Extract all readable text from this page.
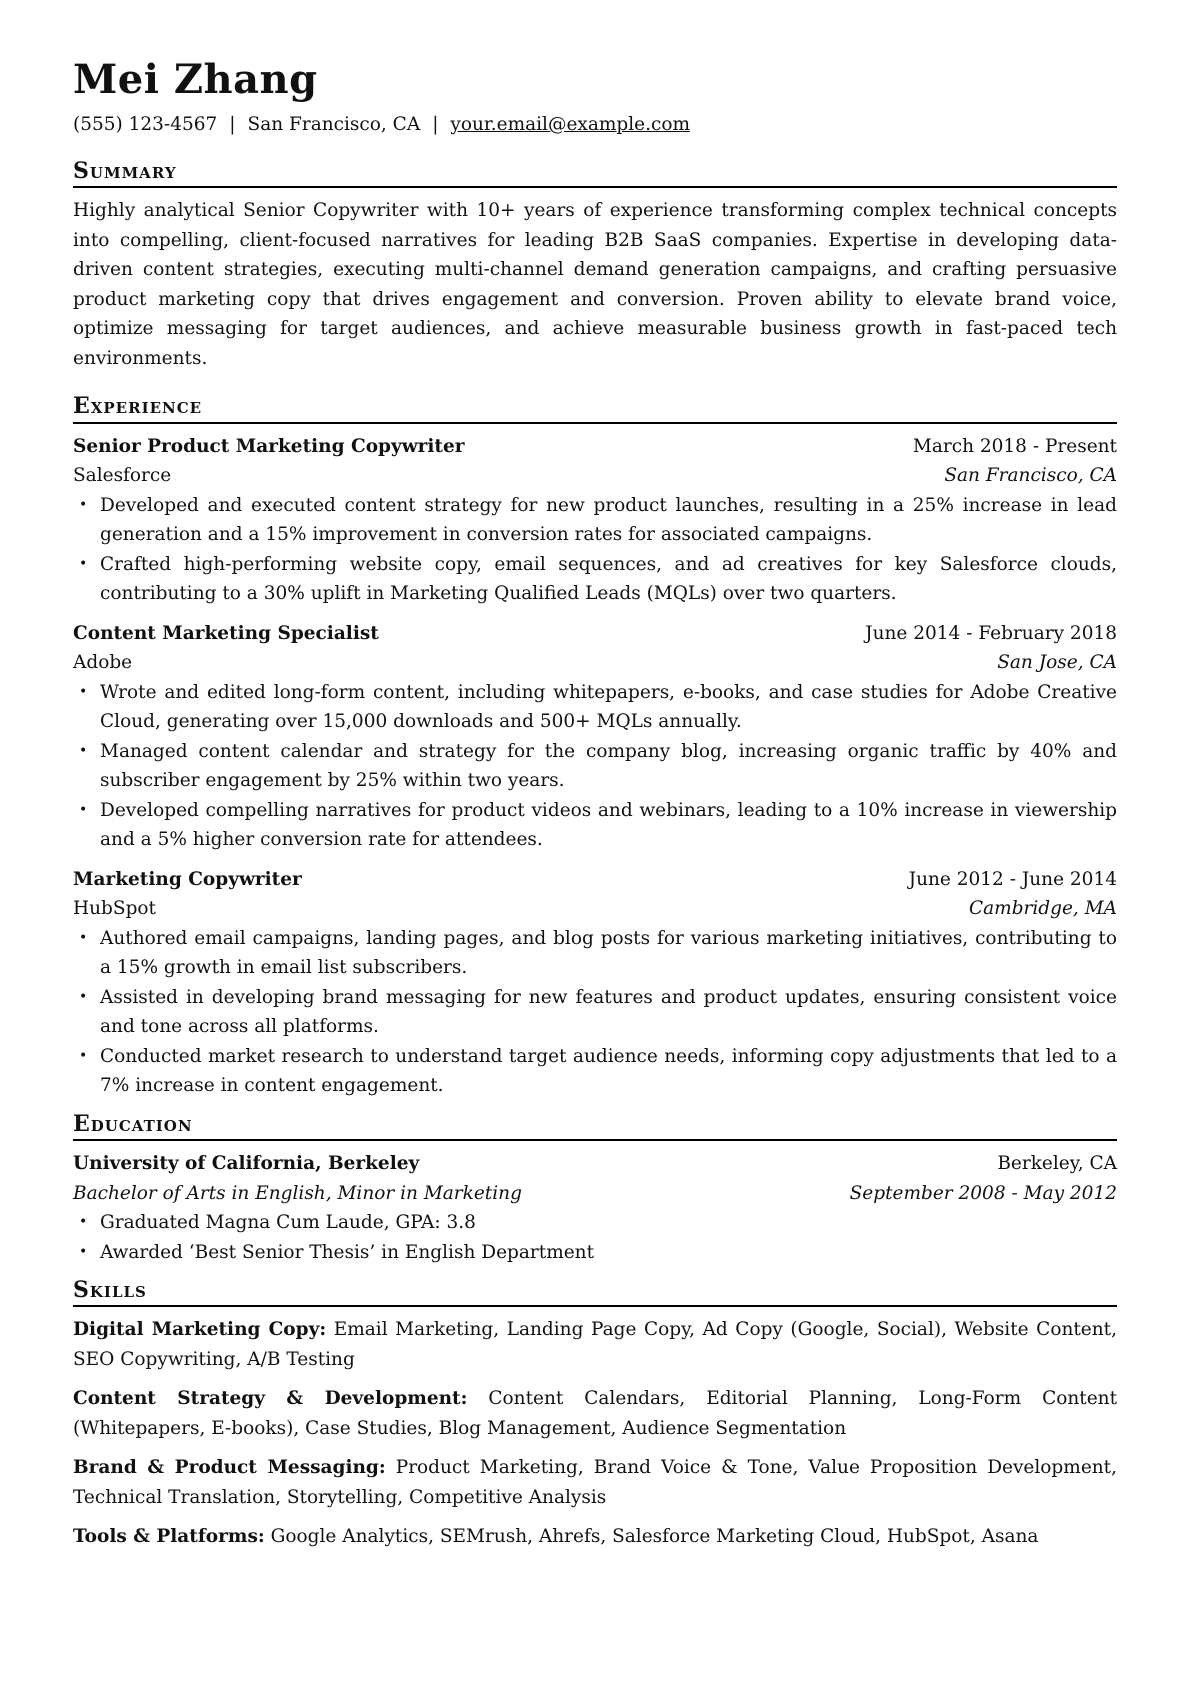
Mei Zhang
(555) 123-4567 | San Francisco, CA | your.email@example.com
Summary

Highly analytical Senior Copywriter with 10+ years of experience transforming complex technical concepts into compelling, client-focused narratives for leading B2B SaaS companies. Expertise in developing data-driven content strategies, executing multi-channel demand generation campaigns, and crafting persuasive product marketing copy that drives engagement and conversion. Proven ability to elevate brand voice, optimize messaging for target audiences, and achieve measurable business growth in fast-paced tech environments.

Experience
Senior Product Marketing Copywriter	March 2018 - Present
Salesforce	San Francisco, CA
• Developed and executed content strategy for new product launches, resulting in a 25% increase in lead generation and a 15% improvement in conversion rates for associated campaigns.
• Crafted high-performing website copy, email sequences, and ad creatives for key Salesforce clouds, contributing to a 30% uplift in Marketing Qualified Leads (MQLs) over two quarters.
Content Marketing Specialist	June 2014 - February 2018
Adobe	San Jose, CA
• Wrote and edited long-form content, including whitepapers, e-books, and case studies for Adobe Creative Cloud, generating over 15,000 downloads and 500+ MQLs annually.
• Managed content calendar and strategy for the company blog, increasing organic traffic by 40% and subscriber engagement by 25% within two years.
• Developed compelling narratives for product videos and webinars, leading to a 10% increase in viewership and a 5% higher conversion rate for attendees.
Marketing Copywriter	June 2012 - June 2014
HubSpot	Cambridge, MA
• Authored email campaigns, landing pages, and blog posts for various marketing initiatives, contributing to a 15% growth in email list subscribers.
• Assisted in developing brand messaging for new features and product updates, ensuring consistent voice and tone across all platforms.
• Conducted market research to understand target audience needs, informing copy adjustments that led to a 7% increase in content engagement.
Education
University of California, Berkeley	Berkeley, CA
Bachelor of Arts in English, Minor in Marketing	September 2008 - May 2012
• Graduated Magna Cum Laude, GPA: 3.8
• Awarded ‘Best Senior Thesis’ in English Department
Skills

Digital Marketing Copy: Email Marketing, Landing Page Copy, Ad Copy (Google, Social), Website Content, SEO Copywriting, A/B Testing

Content Strategy & Development: Content Calendars, Editorial Planning, Long-Form Content (Whitepapers, E-books), Case Studies, Blog Management, Audience Segmentation

Brand & Product Messaging: Product Marketing, Brand Voice & Tone, Value Proposition Development, Technical Translation, Storytelling, Competitive Analysis

Tools & Platforms: Google Analytics, SEMrush, Ahrefs, Salesforce Marketing Cloud, HubSpot, Asana
